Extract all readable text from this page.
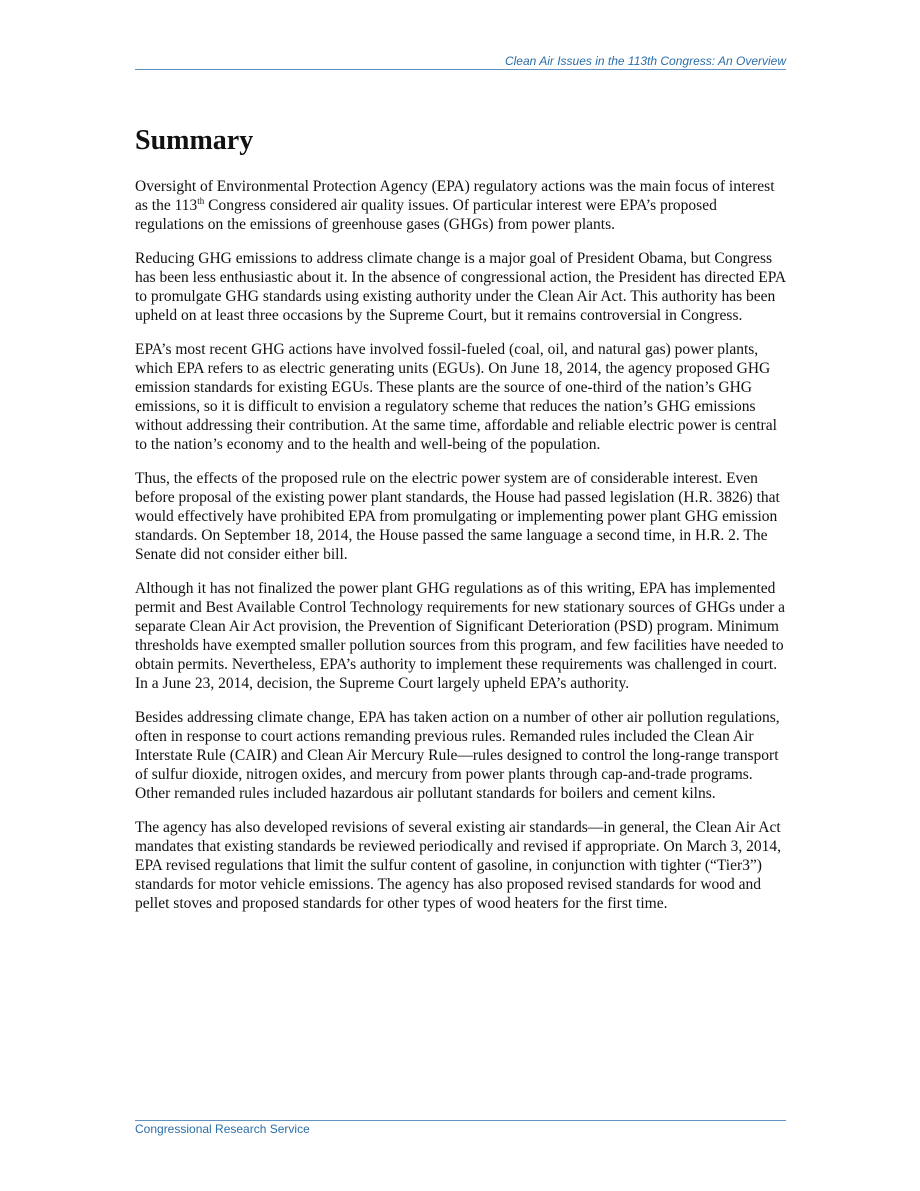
Clean Air Issues in the 113th Congress: An Overview
Summary

Oversight of Environmental Protection Agency (EPA) regulatory actions was the main focus of interest as the 113th Congress considered air quality issues. Of particular interest were EPA’s proposed regulations on the emissions of greenhouse gases (GHGs) from power plants.

Reducing GHG emissions to address climate change is a major goal of President Obama, but Congress has been less enthusiastic about it. In the absence of congressional action, the President has directed EPA to promulgate GHG standards using existing authority under the Clean Air Act. This authority has been upheld on at least three occasions by the Supreme Court, but it remains controversial in Congress.

EPA’s most recent GHG actions have involved fossil-fueled (coal, oil, and natural gas) power plants, which EPA refers to as electric generating units (EGUs). On June 18, 2014, the agency proposed GHG emission standards for existing EGUs. These plants are the source of one-third of the nation’s GHG emissions, so it is difficult to envision a regulatory scheme that reduces the nation’s GHG emissions without addressing their contribution. At the same time, affordable and reliable electric power is central to the nation’s economy and to the health and well-being of the population.

Thus, the effects of the proposed rule on the electric power system are of considerable interest. Even before proposal of the existing power plant standards, the House had passed legislation (H.R. 3826) that would effectively have prohibited EPA from promulgating or implementing power plant GHG emission standards. On September 18, 2014, the House passed the same language a second time, in H.R. 2. The Senate did not consider either bill.

Although it has not finalized the power plant GHG regulations as of this writing, EPA has implemented permit and Best Available Control Technology requirements for new stationary sources of GHGs under a separate Clean Air Act provision, the Prevention of Significant Deterioration (PSD) program. Minimum thresholds have exempted smaller pollution sources from this program, and few facilities have needed to obtain permits. Nevertheless, EPA’s authority to implement these requirements was challenged in court. In a June 23, 2014, decision, the Supreme Court largely upheld EPA’s authority.

Besides addressing climate change, EPA has taken action on a number of other air pollution regulations, often in response to court actions remanding previous rules. Remanded rules included the Clean Air Interstate Rule (CAIR) and Clean Air Mercury Rule—rules designed to control the long-range transport of sulfur dioxide, nitrogen oxides, and mercury from power plants through cap-and-trade programs. Other remanded rules included hazardous air pollutant standards for boilers and cement kilns.

The agency has also developed revisions of several existing air standards—in general, the Clean Air Act mandates that existing standards be reviewed periodically and revised if appropriate. On March 3, 2014, EPA revised regulations that limit the sulfur content of gasoline, in conjunction with tighter (“Tier3”) standards for motor vehicle emissions. The agency has also proposed revised standards for wood and pellet stoves and proposed standards for other types of wood heaters for the first time.

Congressional Research Service
